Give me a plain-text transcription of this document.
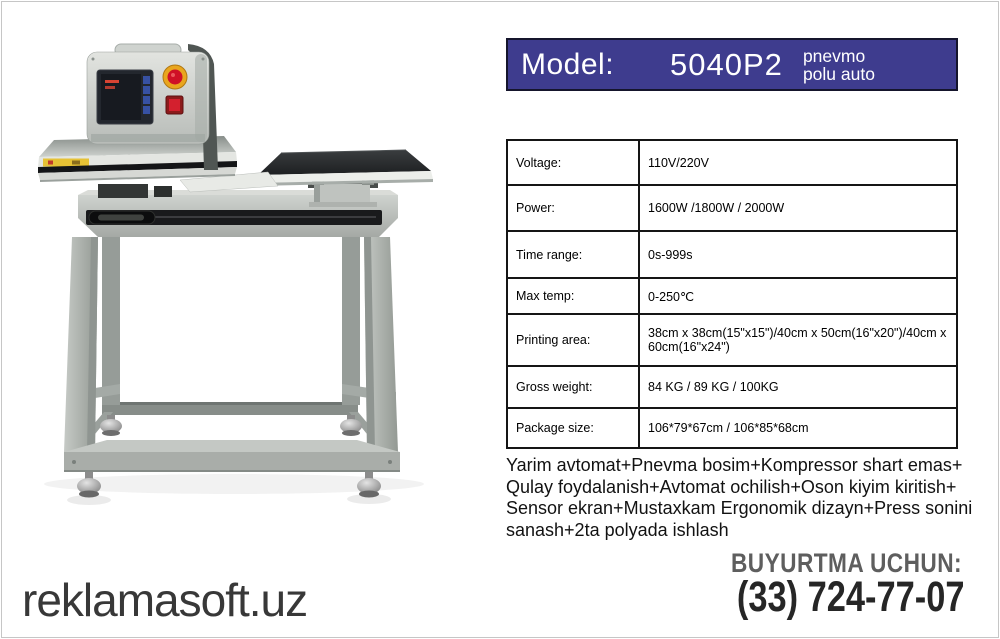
Model: 5040P2 pnevmo
polu auto
Voltage:	110V/220V
Power:	1600W /1800W / 2000W
Time range:	0s-999s
Max temp:	0-250℃
Printing area:	38cm x 38cm(15"x15")/40cm x 50cm(16"x20")/40cm x 60cm(16"x24")
Gross weight:	84 KG / 89 KG / 100KG
Package size:	106*79*67cm / 106*85*68cm
Yarim avtomat+Pnevma bosim+Kompressor shart emas+
Qulay foydalanish+Avtomat ochilish+Oson kiyim kiritish+
Sensor ekran+Mustaxkam Ergonomik dizayn+Press sonini
sanash+2ta polyada ishlash
BUYURTMA UCHUN:
(33) 724-77-07
reklamasoft.uz
